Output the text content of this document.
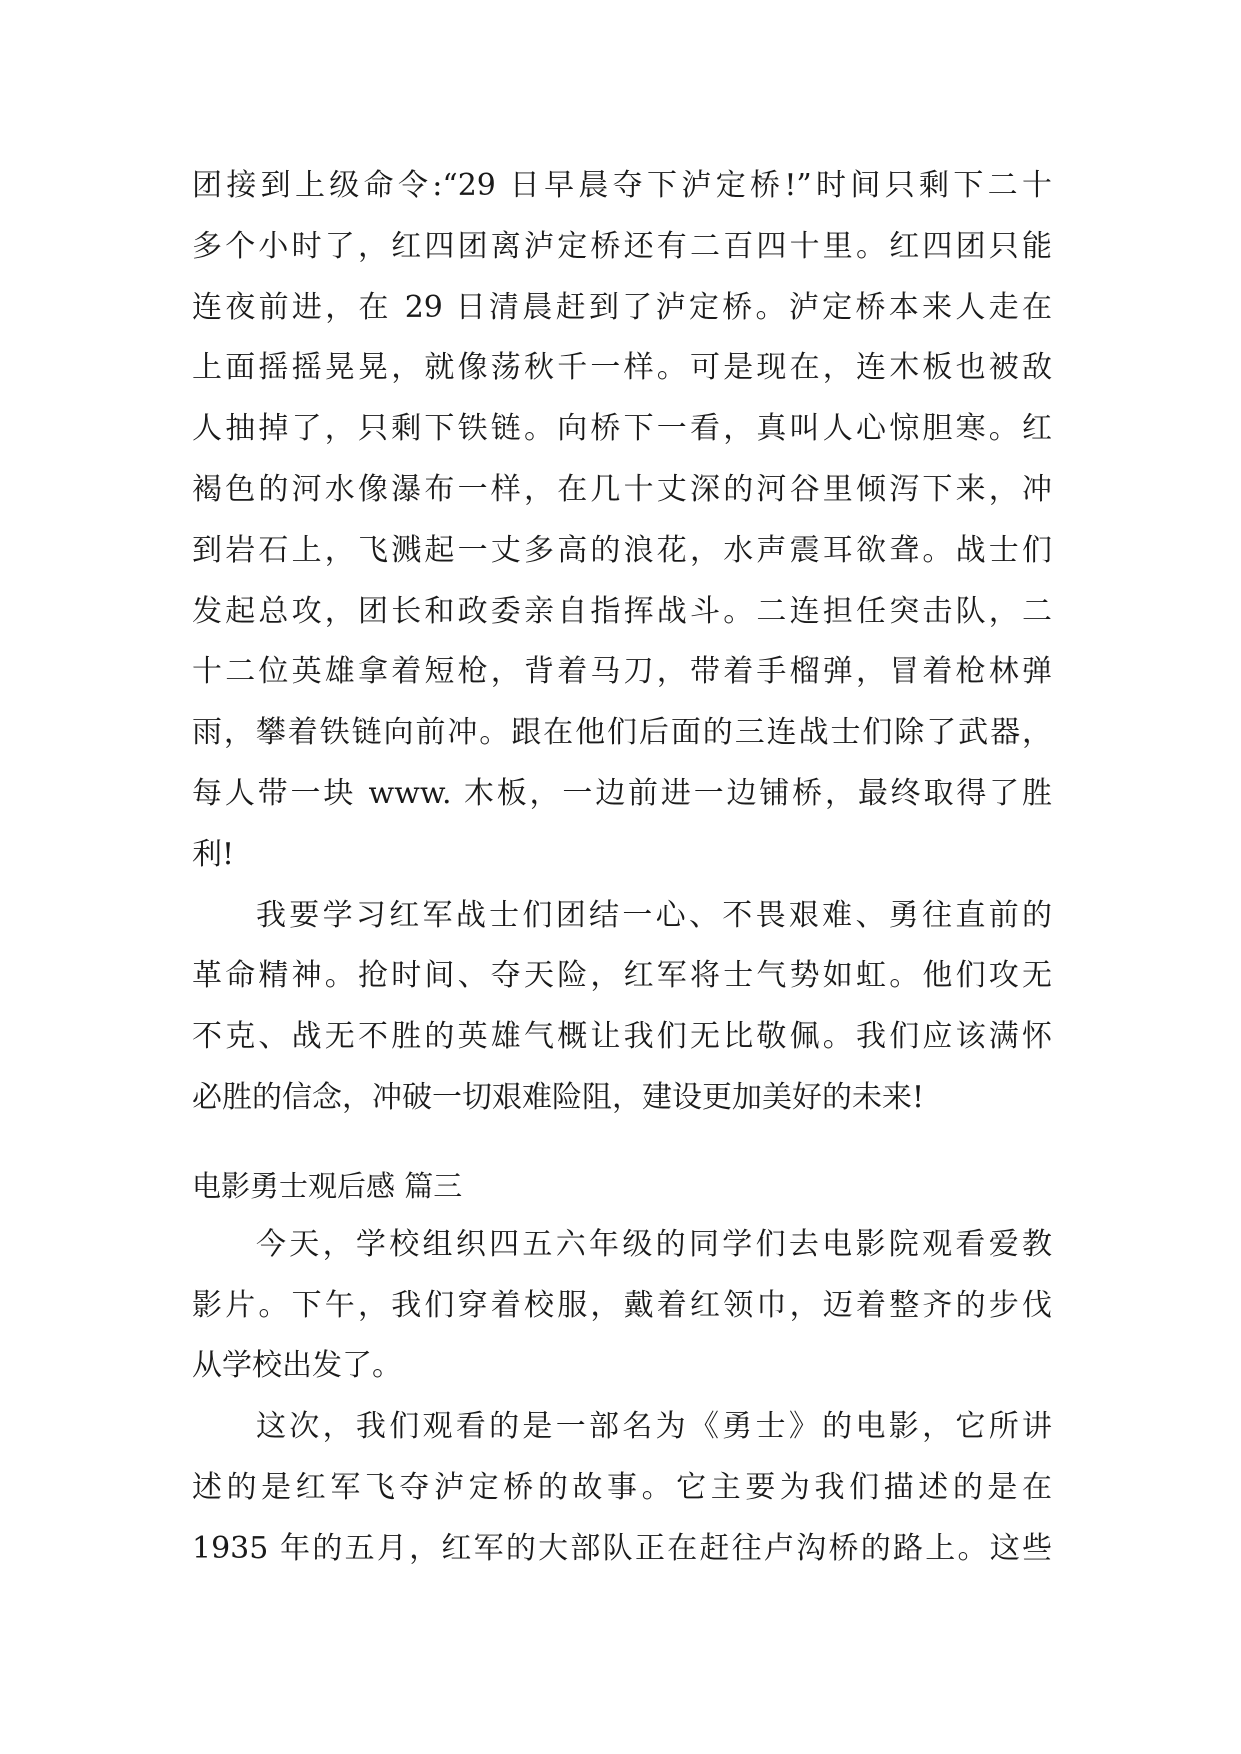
团接到上级命令:“29 日早晨夺下泸定桥!”时间只剩下二十
多个小时了，红四团离泸定桥还有二百四十里。红四团只能
连夜前进，在 29 日清晨赶到了泸定桥。泸定桥本来人走在
上面摇摇晃晃，就像荡秋千一样。可是现在，连木板也被敌
人抽掉了，只剩下铁链。向桥下一看，真叫人心惊胆寒。红
褐色的河水像瀑布一样，在几十丈深的河谷里倾泻下来，冲
到岩石上，飞溅起一丈多高的浪花，水声震耳欲聋。战士们
发起总攻，团长和政委亲自指挥战斗。二连担任突击队，二
十二位英雄拿着短枪，背着马刀，带着手榴弹，冒着枪林弹
雨，攀着铁链向前冲。跟在他们后面的三连战士们除了武器，
每人带一块 www. 木板，一边前进一边铺桥，最终取得了胜
利!
我要学习红军战士们团结一心、不畏艰难、勇往直前的
革命精神。抢时间、夺天险，红军将士气势如虹。他们攻无
不克、战无不胜的英雄气概让我们无比敬佩。我们应该满怀
必胜的信念，冲破一切艰难险阻，建设更加美好的未来!
电影勇士观后感 篇三
今天，学校组织四五六年级的同学们去电影院观看爱教
影片。下午，我们穿着校服，戴着红领巾，迈着整齐的步伐
从学校出发了。
这次，我们观看的是一部名为《勇士》的电影，它所讲
述的是红军飞夺泸定桥的故事。它主要为我们描述的是在
1935 年的五月，红军的大部队正在赶往卢沟桥的路上。这些
